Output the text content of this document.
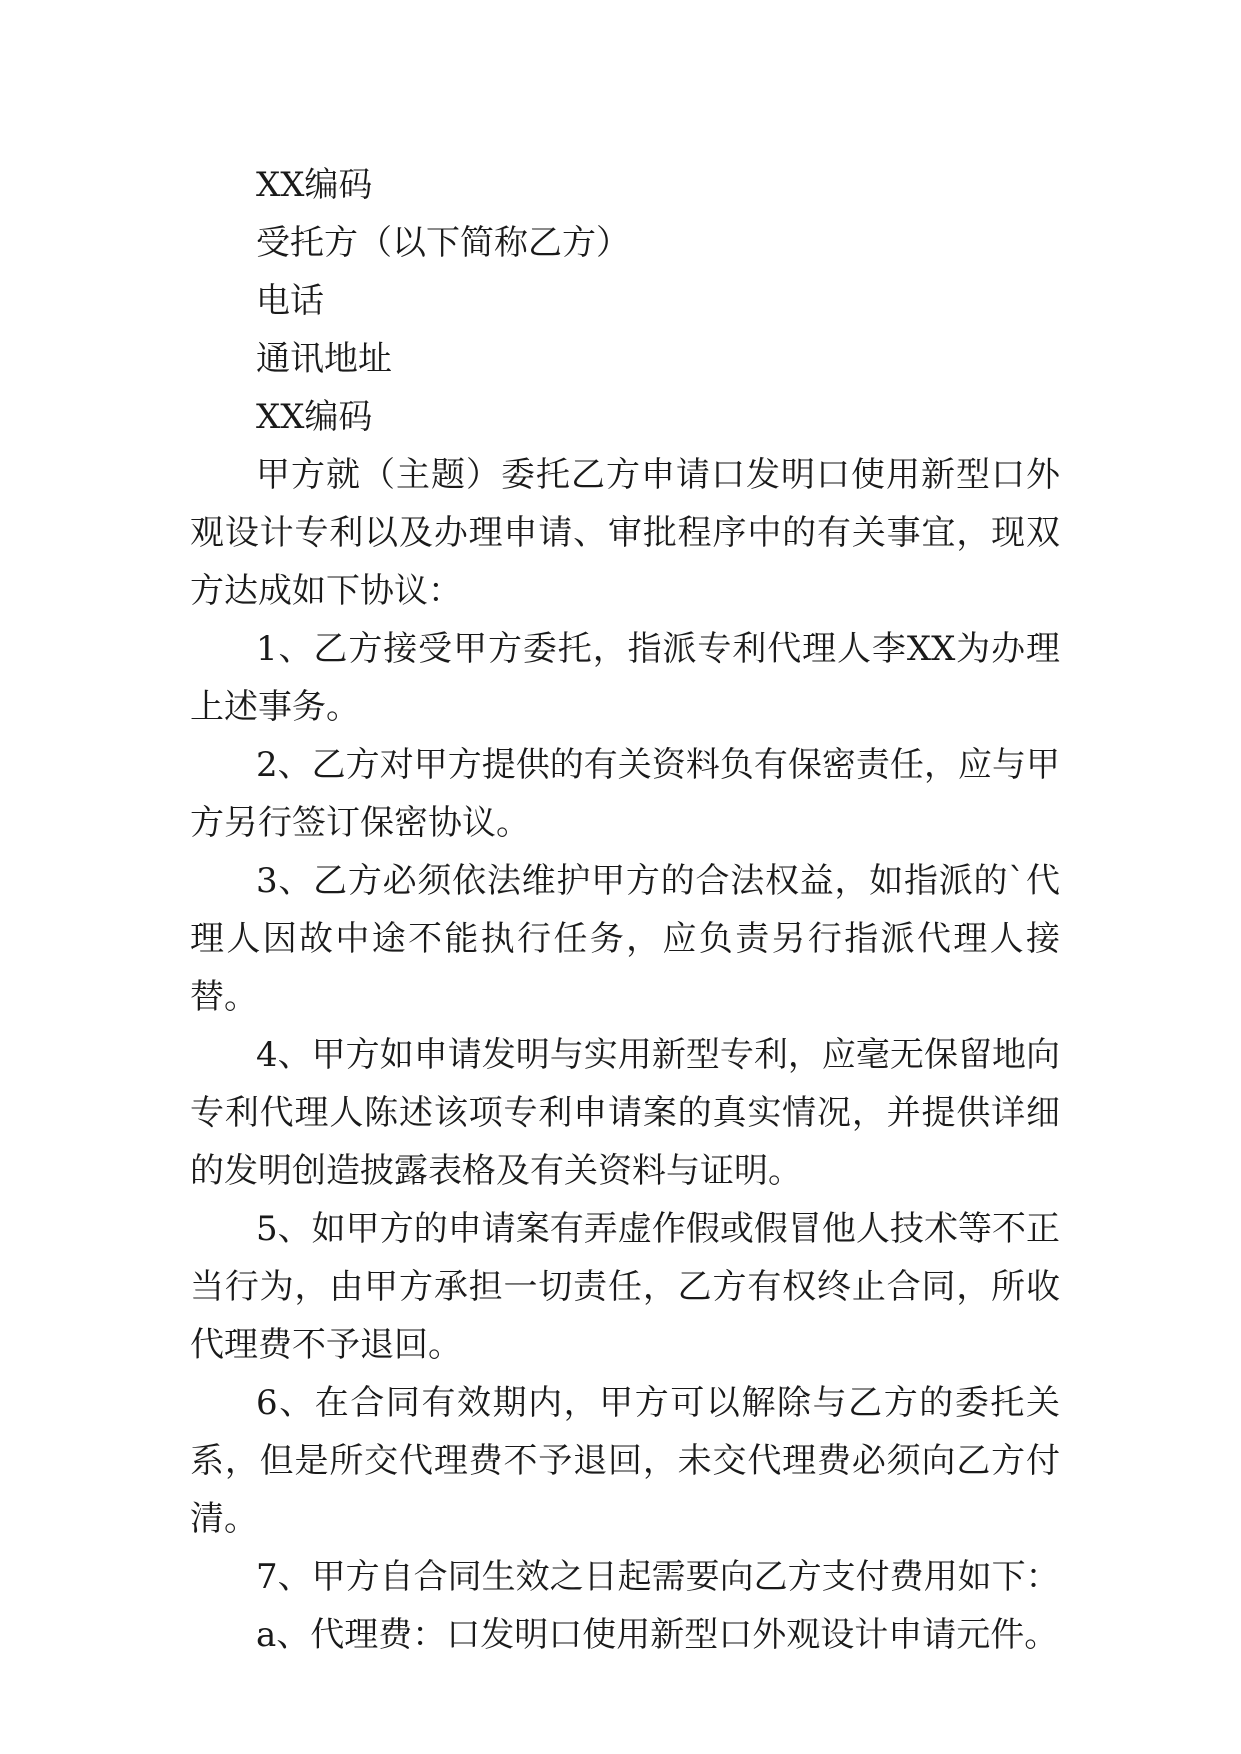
XX编码
受托方（以下简称乙方）
电话
通讯地址
XX编码

甲方就（主题）委托乙方申请口发明口使用新型口外观设计专利以及办理申请、审批程序中的有关事宜，现双方达成如下协议：

1、乙方接受甲方委托，指派专利代理人李XX为办理上述事务。

2、乙方对甲方提供的有关资料负有保密责任，应与甲方另行签订保密协议。

3、乙方必须依法维护甲方的合法权益，如指派的`代理人因故中途不能执行任务，应负责另行指派代理人接替。

4、甲方如申请发明与实用新型专利，应毫无保留地向专利代理人陈述该项专利申请案的真实情况，并提供详细的发明创造披露表格及有关资料与证明。

5、如甲方的申请案有弄虚作假或假冒他人技术等不正当行为，由甲方承担一切责任，乙方有权终止合同，所收代理费不予退回。

6、在合同有效期内，甲方可以解除与乙方的委托关系，但是所交代理费不予退回，未交代理费必须向乙方付清。

7、甲方自合同生效之日起需要向乙方支付费用如下：

a、代理费：口发明口使用新型口外观设计申请元件。
